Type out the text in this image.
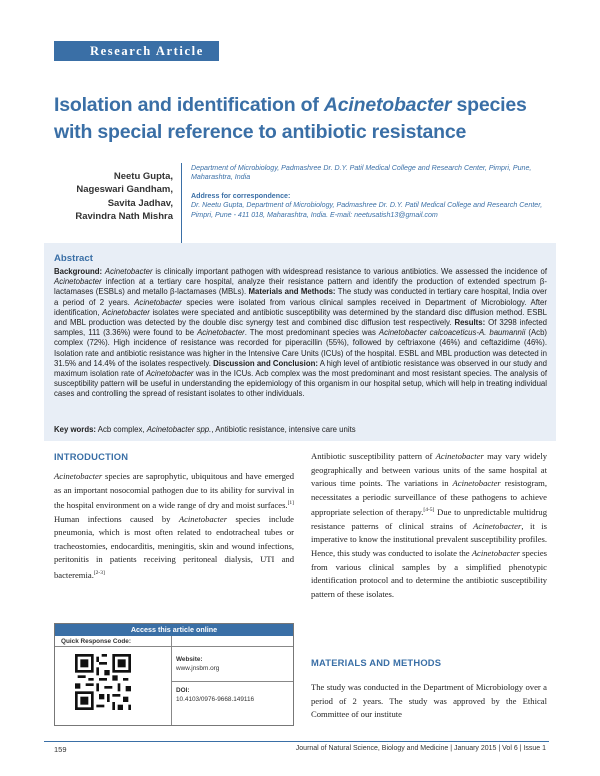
Research Article
Isolation and identification of Acinetobacter species with special reference to antibiotic resistance
Neetu Gupta,
Nageswari Gandham,
Savita Jadhav,
Ravindra Nath Mishra
Department of Microbiology, Padmashree Dr. D.Y. Patil Medical College and Research Center, Pimpri, Pune, Maharashtra, India
Address for correspondence:
Dr. Neetu Gupta, Department of Microbiology, Padmashree Dr. D.Y. Patil Medical College and Research Center, Pimpri, Pune - 411 018, Maharashtra, India. E-mail: neetusatish13@gmail.com
Abstract
Background: Acinetobacter is clinically important pathogen with widespread resistance to various antibiotics. We assessed the incidence of Acinetobacter infection at a tertiary care hospital, analyze their resistance pattern and identify the production of extended spectrum β-lactamases (ESBLs) and metallo β-lactamases (MBLs). Materials and Methods: The study was conducted in tertiary care hospital, India over a period of 2 years. Acinetobacter species were isolated from various clinical samples received in Department of Microbiology. After identification, Acinetobacter isolates were speciated and antibiotic susceptibility was determined by the standard disc diffusion method. ESBL and MBL production was detected by the double disc synergy test and combined disc diffusion test respectively. Results: Of 3298 infected samples, 111 (3.36%) were found to be Acinetobacter. The most predominant species was Acinetobacter calcoaceticus-A. baumannii (Acb) complex (72%). High incidence of resistance was recorded for piperacillin (55%), followed by ceftriaxone (46%) and ceftazidime (46%). Isolation rate and antibiotic resistance was higher in the Intensive Care Units (ICUs) of the hospital. ESBL and MBL production was detected in 31.5% and 14.4% of the isolates respectively. Discussion and Conclusion: A high level of antibiotic resistance was observed in our study and maximum isolation rate of Acinetobacter was in the ICUs. Acb complex was the most predominant and most resistant species. The analysis of susceptibility pattern will be useful in understanding the epidemiology of this organism in our hospital setup, which will help in treating individual cases and controlling the spread of resistant isolates to other individuals.
Key words: Acb complex, Acinetobacter spp., Antibiotic resistance, intensive care units
INTRODUCTION
Acinetobacter species are saprophytic, ubiquitous and have emerged as an important nosocomial pathogen due to its ability for survival in the hospital environment on a wide range of dry and moist surfaces.[1] Human infections caused by Acinetobacter species include pneumonia, which is most often related to endotracheal tubes or tracheostomies, endocarditis, meningitis, skin and wound infections, peritonitis in patients receiving peritoneal dialysis, UTI and bacteremia.[2-3]
Access this article online
Quick Response Code:
Website:
www.jnsbm.org
DOI:
10.4103/0976-9668.149116
Antibiotic susceptibility pattern of Acinetobacter may vary widely geographically and between various units of the same hospital at various time points. The variations in Acinetobacter resistogram, necessitates a periodic surveillance of these pathogens to achieve appropriate selection of therapy.[4-5] Due to unpredictable multidrug resistance patterns of clinical strains of Acinetobacter, it is imperative to know the institutional prevalent susceptibility profiles. Hence, this study was conducted to isolate the Acinetobacter species from various clinical samples by a simplified phenotypic identification protocol and to determine the antibiotic susceptibility pattern of these isolates.
MATERIALS AND METHODS
The study was conducted in the Department of Microbiology over a period of 2 years. The study was approved by the Ethical Committee of our institute
159	Journal of Natural Science, Biology and Medicine | January 2015 | Vol 6 | Issue 1
